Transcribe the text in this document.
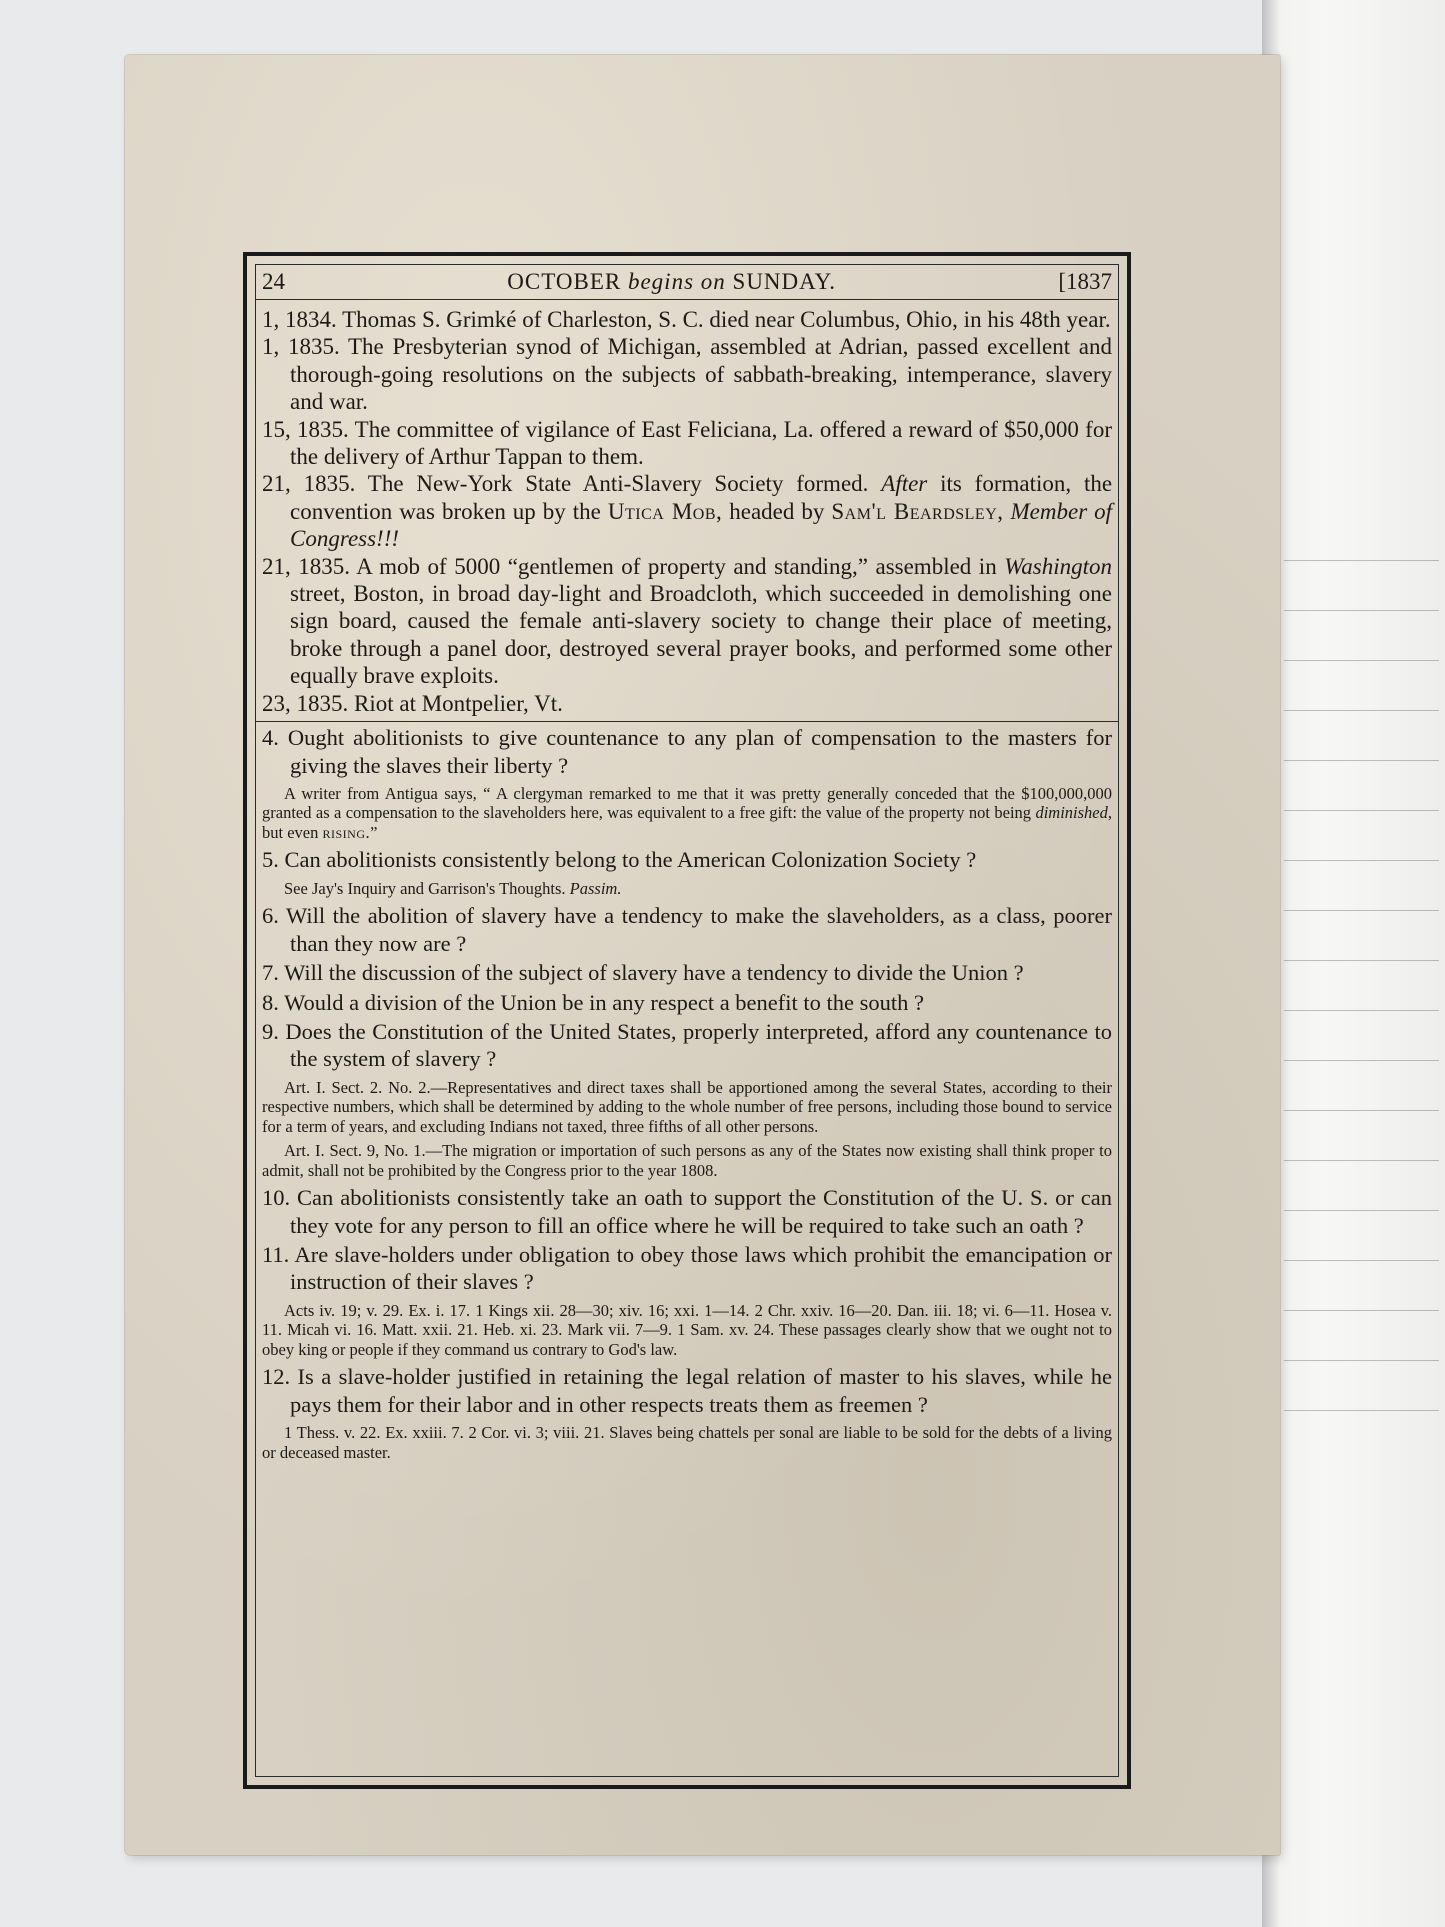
24	OCTOBER begins on SUNDAY.	[1837
1, 1834. Thomas S. Grimké of Charleston, S. C. died near Columbus, Ohio, in his 48th year.
1, 1835. The Presbyterian synod of Michigan, assembled at Adrian, passed excellent and thorough-going resolutions on the subjects of sabbath-breaking, intemperance, slavery and war.
15, 1835. The committee of vigilance of East Feliciana, La. offered a reward of $50,000 for the delivery of Arthur Tappan to them.
21, 1835. The New-York State Anti-Slavery Society formed. After its formation, the convention was broken up by the Utica Mob, headed by Sam'l Beardsley, Member of Congress!!!
21, 1835. A mob of 5000 “gentlemen of property and standing,” assembled in Washington street, Boston, in broad day-light and Broadcloth, which succeeded in demolishing one sign board, caused the female anti-slavery society to change their place of meeting, broke through a panel door, destroyed several prayer books, and performed some other equally brave exploits.
23, 1835. Riot at Montpelier, Vt.
4. Ought abolitionists to give countenance to any plan of compensation to the masters for giving the slaves their liberty ?
A writer from Antigua says, “ A clergyman remarked to me that it was pretty generally conceded that the $100,000,000 granted as a compensation to the slaveholders here, was equivalent to a free gift: the value of the property not being diminished, but even rising.”
5. Can abolitionists consistently belong to the American Colonization Society ?
See Jay's Inquiry and Garrison's Thoughts. Passim.
6. Will the abolition of slavery have a tendency to make the slaveholders, as a class, poorer than they now are ?
7. Will the discussion of the subject of slavery have a tendency to divide the Union ?
8. Would a division of the Union be in any respect a benefit to the south ?
9. Does the Constitution of the United States, properly interpreted, afford any countenance to the system of slavery ?
Art. I. Sect. 2. No. 2.—Representatives and direct taxes shall be apportioned among the several States, according to their respective numbers, which shall be determined by adding to the whole number of free persons, including those bound to service for a term of years, and excluding Indians not taxed, three fifths of all other persons.
Art. I. Sect. 9, No. 1.—The migration or importation of such persons as any of the States now existing shall think proper to admit, shall not be prohibited by the Congress prior to the year 1808.
10. Can abolitionists consistently take an oath to support the Constitution of the U. S. or can they vote for any person to fill an office where he will be required to take such an oath ?
11. Are slave-holders under obligation to obey those laws which prohibit the emancipation or instruction of their slaves ?
Acts iv. 19; v. 29. Ex. i. 17. 1 Kings xii. 28—30; xiv. 16; xxi. 1—14. 2 Chr. xxiv. 16—20. Dan. iii. 18; vi. 6—11. Hosea v. 11. Micah vi. 16. Matt. xxii. 21. Heb. xi. 23. Mark vii. 7—9. 1 Sam. xv. 24. These passages clearly show that we ought not to obey king or people if they command us contrary to God's law.
12. Is a slave-holder justified in retaining the legal relation of master to his slaves, while he pays them for their labor and in other respects treats them as freemen ?
1 Thess. v. 22. Ex. xxiii. 7. 2 Cor. vi. 3; viii. 21. Slaves being chattels per sonal are liable to be sold for the debts of a living or deceased master.
